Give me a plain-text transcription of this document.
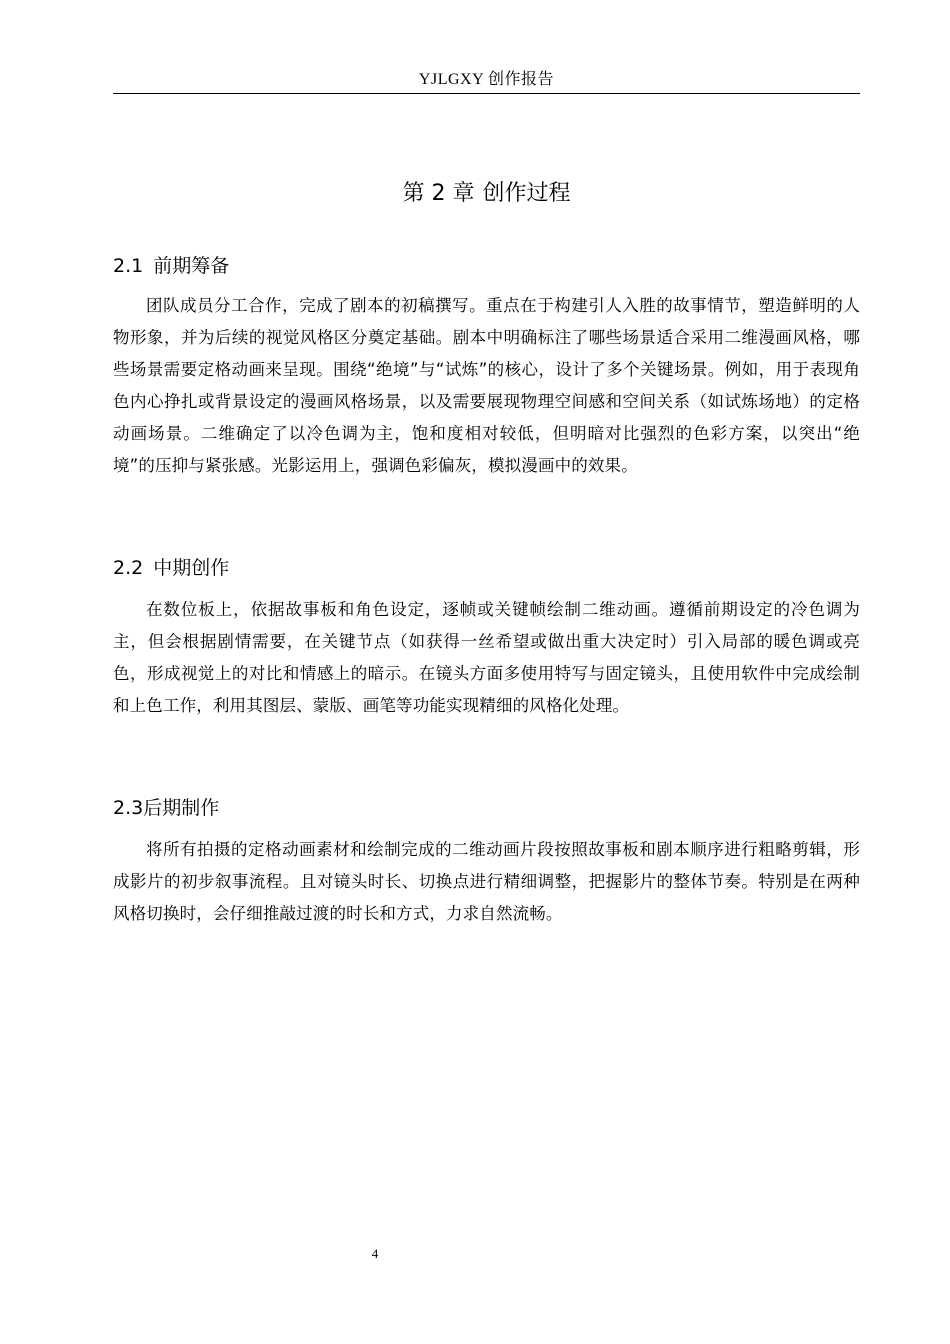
YJLGXY 创作报告
第 2 章 创作过程
2.1 前期筹备

团队成员分工合作，完成了剧本的初稿撰写。重点在于构建引人入胜的故事情节，塑造鲜明的人物形象，并为后续的视觉风格区分奠定基础。剧本中明确标注了哪些场景适合采用二维漫画风格，哪些场景需要定格动画来呈现。围绕“绝境”与“试炼”的核心，设计了多个关键场景。例如，用于表现角色内心挣扎或背景设定的漫画风格场景，以及需要展现物理空间感和空间关系（如试炼场地）的定格动画场景。二维确定了以冷色调为主，饱和度相对较低，但明暗对比强烈的色彩方案，以突出“绝境”的压抑与紧张感。光影运用上，强调色彩偏灰，模拟漫画中的效果。

2.2 中期创作

在数位板上，依据故事板和角色设定，逐帧或关键帧绘制二维动画。遵循前期设定的冷色调为主，但会根据剧情需要，在关键节点（如获得一丝希望或做出重大决定时）引入局部的暖色调或亮色，形成视觉上的对比和情感上的暗示。在镜头方面多使用特写与固定镜头，且使用软件中完成绘制和上色工作，利用其图层、蒙版、画笔等功能实现精细的风格化处理。

2.3后期制作

将所有拍摄的定格动画素材和绘制完成的二维动画片段按照故事板和剧本顺序进行粗略剪辑，形成影片的初步叙事流程。且对镜头时长、切换点进行精细调整，把握影片的整体节奏。特别是在两种风格切换时，会仔细推敲过渡的时长和方式，力求自然流畅。

4
